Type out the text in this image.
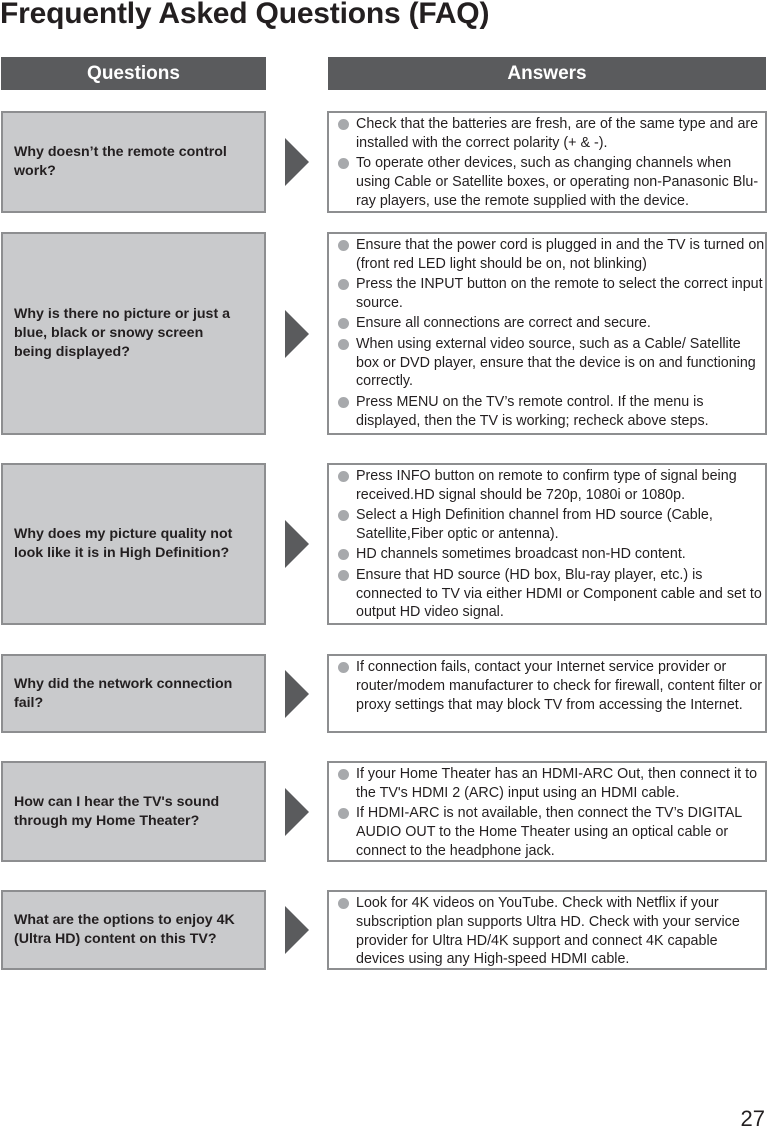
Frequently Asked Questions (FAQ)
Questions	Answers
Why doesn’t the remote control work?
Check that the batteries are fresh, are of the same type and are installed with the correct polarity (+ & -).
To operate other devices, such as changing channels when using Cable or Satellite boxes, or operating non-Panasonic Blu-ray players, use the remote supplied with the device.
Why is there no picture or just a blue, black or snowy screen being displayed?
Ensure that the power cord is plugged in and the TV is turned on (front red LED light should be on, not blinking)
Press the INPUT button on the remote to select the correct input source.
Ensure all connections are correct and secure.
When using external video source, such as a Cable/ Satellite box or DVD player, ensure that the device is on and functioning correctly.
Press MENU on the TV’s remote control. If the menu is displayed, then the TV is working; recheck above steps.
Why does my picture quality not look like it is in High Definition?
Press INFO button on remote to confirm type of signal being received.HD signal should be 720p, 1080i or 1080p.
Select a High Definition channel from HD source (Cable, Satellite,Fiber optic or antenna).
HD channels sometimes broadcast non-HD content.
Ensure that HD source (HD box, Blu-ray player, etc.) is connected to TV via either HDMI or Component cable and set to output HD video signal.
Why did the network connection fail?
If connection fails, contact your Internet service provider or router/modem manufacturer to check for firewall, content filter or proxy settings that may block TV from accessing the Internet.
How can I hear the TV's sound through my Home Theater?
If your Home Theater has an HDMI-ARC Out, then connect it to the TV's HDMI 2 (ARC) input using an HDMI cable.
If HDMI-ARC is not available, then connect the TV’s DIGITAL AUDIO OUT to the Home Theater using an optical cable or connect to the headphone jack.
What are the options to enjoy 4K (Ultra HD) content on this TV?
Look for 4K videos on YouTube. Check with Netflix if your subscription plan supports Ultra HD. Check with your service provider for Ultra HD/4K support and connect 4K capable devices using any High-speed HDMI cable.
27
